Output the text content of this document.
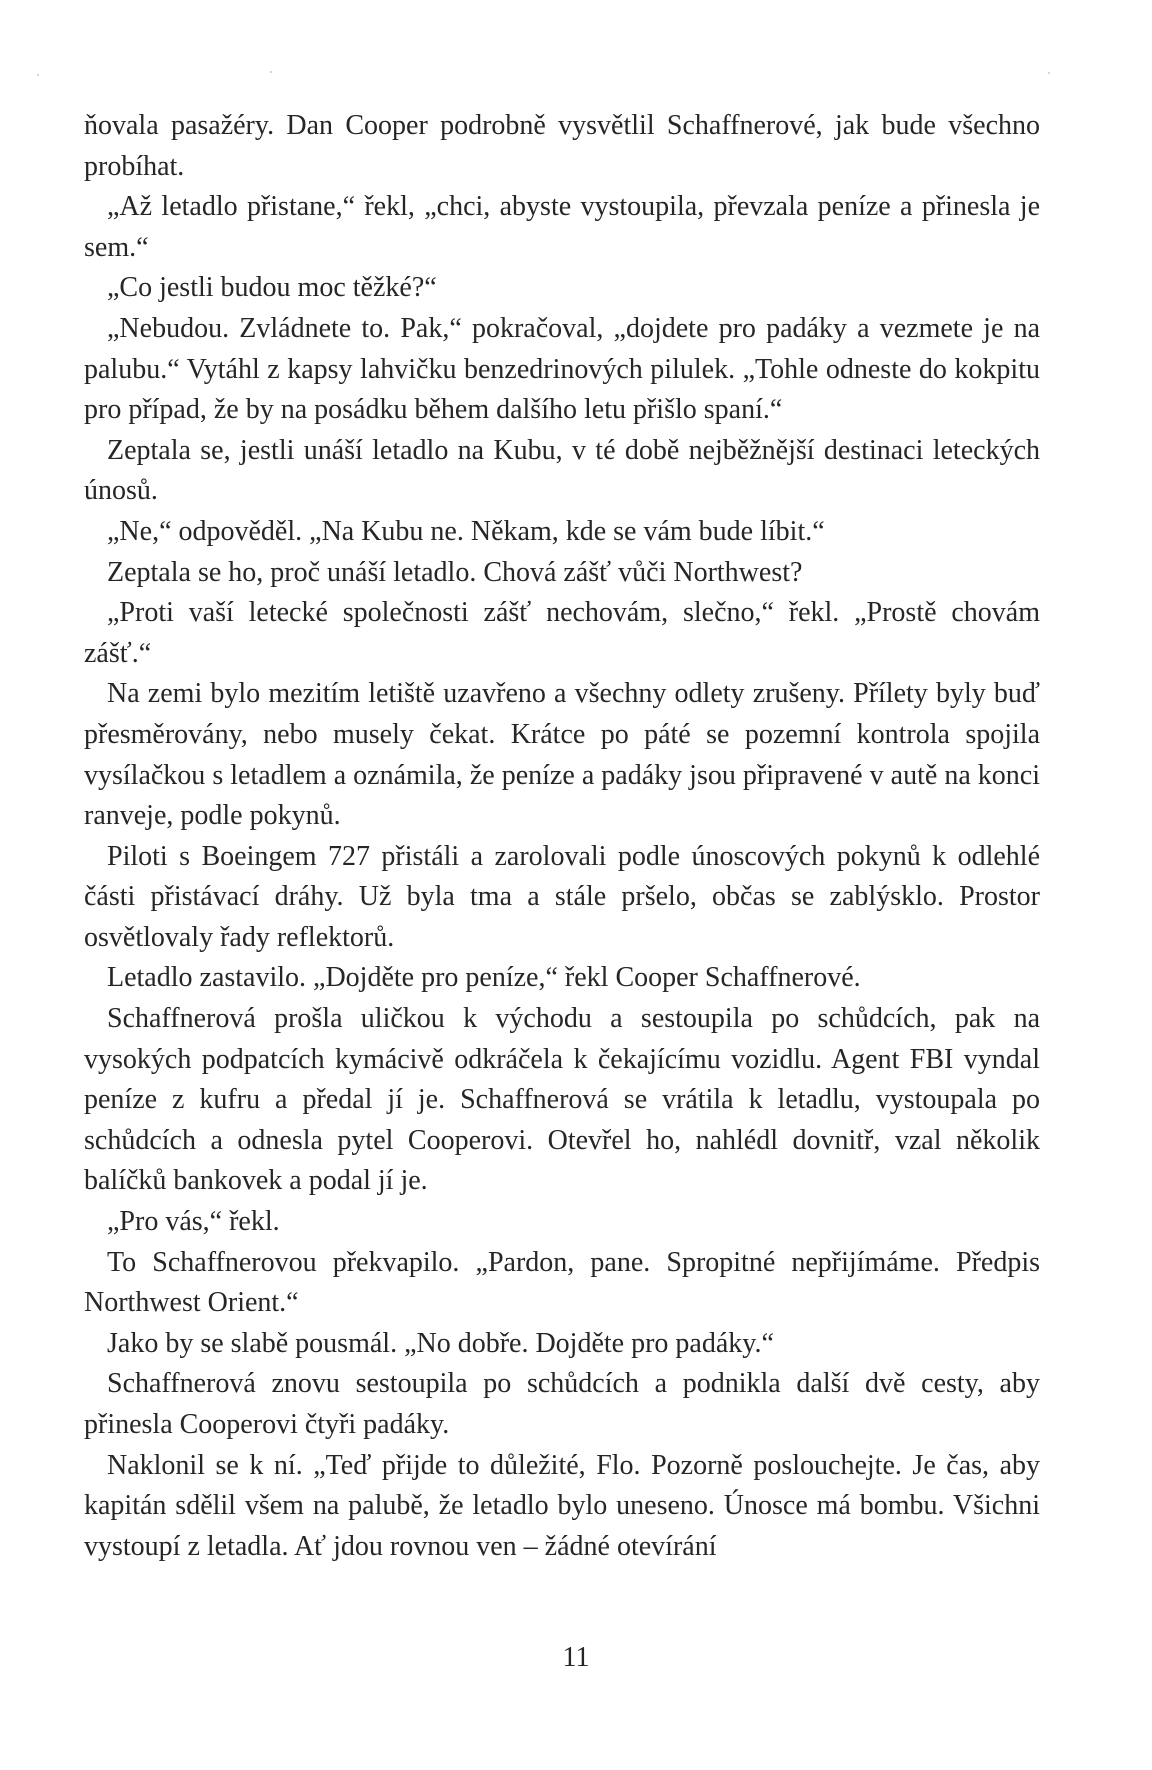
ňovala pasažéry. Dan Cooper podrobně vysvětlil Schaffnerové, jak bude všechno probíhat.

„Až letadlo přistane,“ řekl, „chci, abyste vystoupila, převzala peníze a přinesla je sem.“

„Co jestli budou moc těžké?“

„Nebudou. Zvládnete to. Pak,“ pokračoval, „dojdete pro padáky a vezmete je na palubu.“ Vytáhl z kapsy lahvičku benzedrinových pilulek. „Tohle odneste do kokpitu pro případ, že by na posádku během dalšího letu přišlo spaní.“

Zeptala se, jestli unáší letadlo na Kubu, v té době nejběžnější destinaci leteckých únosů.

„Ne,“ odpověděl. „Na Kubu ne. Někam, kde se vám bude líbit.“

Zeptala se ho, proč unáší letadlo. Chová zášť vůči Northwest?

„Proti vaší letecké společnosti zášť nechovám, slečno,“ řekl. „Prostě chovám zášť.“

Na zemi bylo mezitím letiště uzavřeno a všechny odlety zrušeny. Přílety byly buď přesměrovány, nebo musely čekat. Krátce po páté se pozemní kontrola spojila vysílačkou s letadlem a oznámila, že peníze a padáky jsou připravené v autě na konci ranveje, podle pokynů.

Piloti s Boeingem 727 přistáli a zarolovali podle únoscových pokynů k odlehlé části přistávací dráhy. Už byla tma a stále pršelo, občas se zablýsklo. Prostor osvětlovaly řady reflektorů.

Letadlo zastavilo. „Dojděte pro peníze,“ řekl Cooper Schaffnerové.

Schaffnerová prošla uličkou k východu a sestoupila po schůdcích, pak na vysokých podpatcích kymácivě odkráčela k čekajícímu vozidlu. Agent FBI vyndal peníze z kufru a předal jí je. Schaffnerová se vrátila k letadlu, vystoupala po schůdcích a odnesla pytel Cooperovi. Otevřel ho, nahlédl dovnitř, vzal několik balíčků bankovek a podal jí je.

„Pro vás,“ řekl.

To Schaffnerovou překvapilo. „Pardon, pane. Spropitné nepřijímáme. Předpis Northwest Orient.“

Jako by se slabě pousmál. „No dobře. Dojděte pro padáky.“

Schaffnerová znovu sestoupila po schůdcích a podnikla další dvě cesty, aby přinesla Cooperovi čtyři padáky.

Naklonil se k ní. „Teď přijde to důležité, Flo. Pozorně poslouchejte. Je čas, aby kapitán sdělil všem na palubě, že letadlo bylo uneseno. Únosce má bombu. Všichni vystoupí z letadla. Ať jdou rovnou ven – žádné otevírání

11
